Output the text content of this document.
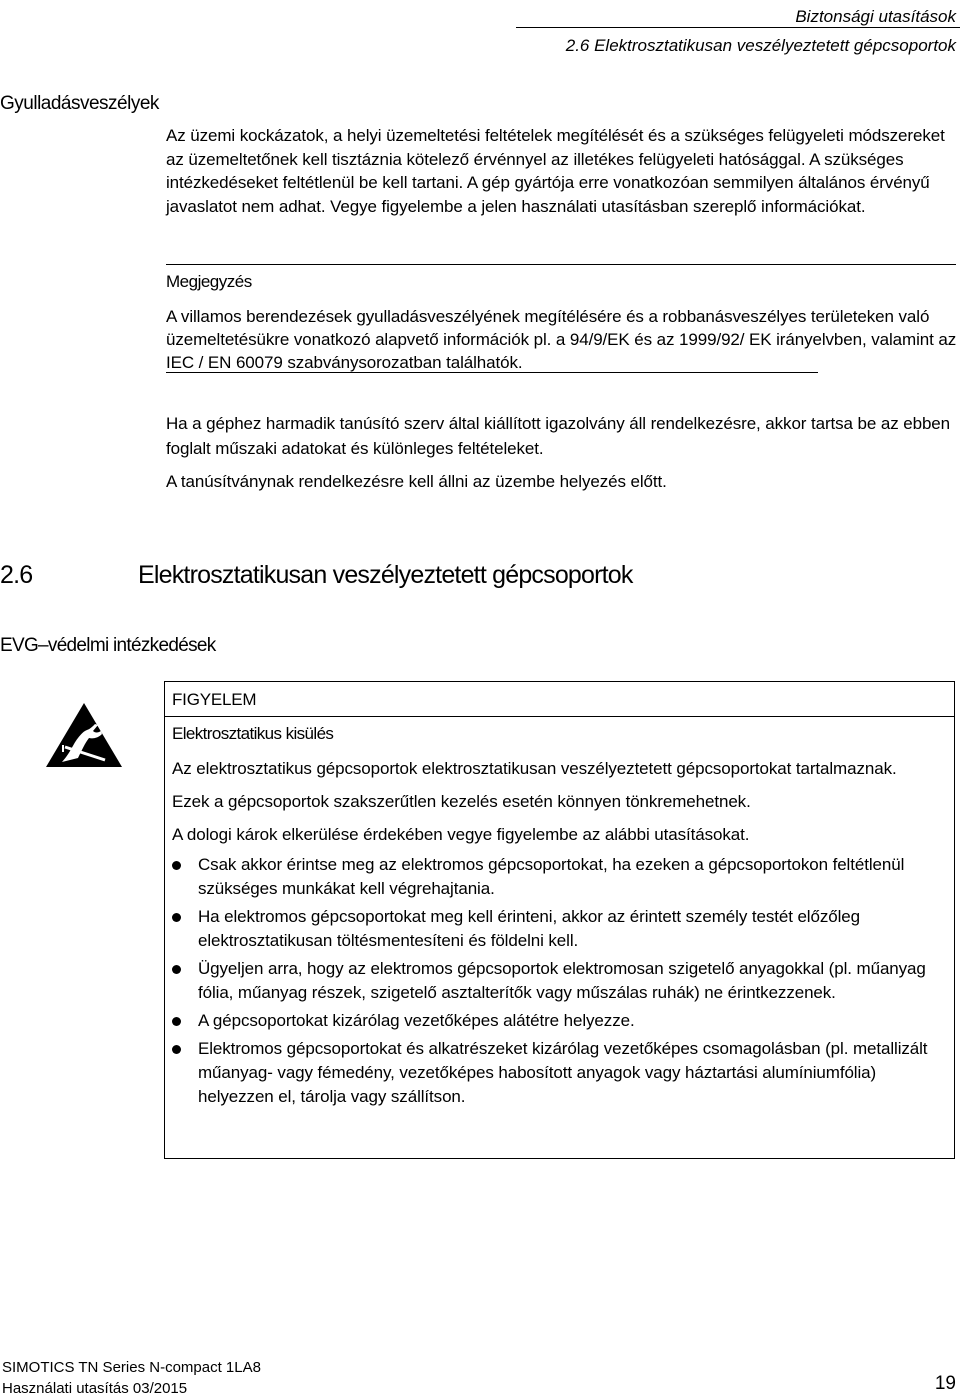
Biztonsági utasítások
2.6 Elektrosztatikusan veszélyeztetett gépcsoportok
Gyulladásveszélyek
Az üzemi kockázatok, a helyi üzemeltetési feltételek megítélését és a szükséges felügyeleti módszereket az üzemeltetőnek kell tisztáznia kötelező érvénnyel az illetékes felügyeleti hatósággal. A szükséges intézkedéseket feltétlenül be kell tartani. A gép gyártója erre vonatkozóan semmilyen általános érvényű javaslatot nem adhat. Vegye figyelembe a jelen használati utasításban szereplő információkat.
Megjegyzés
A villamos berendezések gyulladásveszélyének megítélésére és a robbanásveszélyes területeken való üzemeltetésükre vonatkozó alapvető információk pl. a 94/9/EK és az 1999/92/ EK irányelvben, valamint az IEC / EN 60079 szabványsorozatban találhatók.
Ha a géphez harmadik tanúsító szerv által kiállított igazolvány áll rendelkezésre, akkor tartsa be az ebben foglalt műszaki adatokat és különleges feltételeket.
A tanúsítványnak rendelkezésre kell állni az üzembe helyezés előtt.
2.6	Elektrosztatikusan veszélyeztetett gépcsoportok
EVG–védelmi intézkedések
FIGYELEM
Elektrosztatikus kisülés

Az elektrosztatikus gépcsoportok elektrosztatikusan veszélyeztetett gépcsoportokat tartalmaznak.

Ezek a gépcsoportok szakszerűtlen kezelés esetén könnyen tönkremehetnek.

A dologi károk elkerülése érdekében vegye figyelembe az alábbi utasításokat.

Csak akkor érintse meg az elektromos gépcsoportokat, ha ezeken a gépcsoportokon feltétlenül szükséges munkákat kell végrehajtania.
Ha elektromos gépcsoportokat meg kell érinteni, akkor az érintett személy testét előzőleg elektrosztatikusan töltésmentesíteni és földelni kell.
Ügyeljen arra, hogy az elektromos gépcsoportok elektromosan szigetelő anyagokkal (pl. műanyag fólia, műanyag részek, szigetelő asztalterítők vagy műszálas ruhák) ne érintkezzenek.
A gépcsoportokat kizárólag vezetőképes alátétre helyezze.
Elektromos gépcsoportokat és alkatrészeket kizárólag vezetőképes csomagolásban (pl. metallizált műanyag- vagy fémedény, vezetőképes habosított anyagok vagy háztartási alumíniumfólia) helyezzen el, tárolja vagy szállítson.
SIMOTICS TN Series N-compact 1LA8
Használati utasítás 03/2015	19
